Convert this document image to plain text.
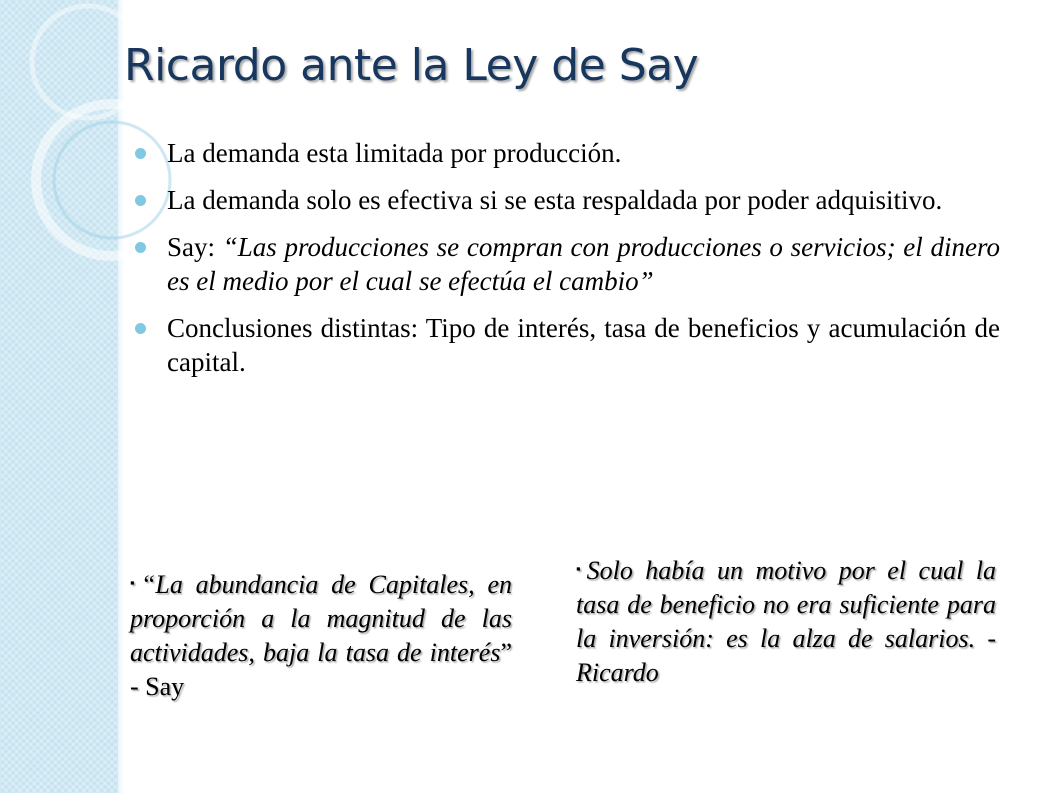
Ricardo ante la Ley de Say
La demanda esta limitada por producción.
La demanda solo es efectiva si se esta respaldada por poder adquisitivo.
Say: “Las producciones se compran con producciones o servicios; el dinero es el medio por el cual se efectúa el cambio”
Conclusiones distintas: Tipo de interés, tasa de beneficios y acumulación de capital.
▪“La abundancia de Capitales, en proporción a la magnitud de las actividades, baja la tasa de interés” - Say
▪Solo había un motivo por el cual la tasa de beneficio no era suficiente para la inversión: es la alza de salarios. - Ricardo
